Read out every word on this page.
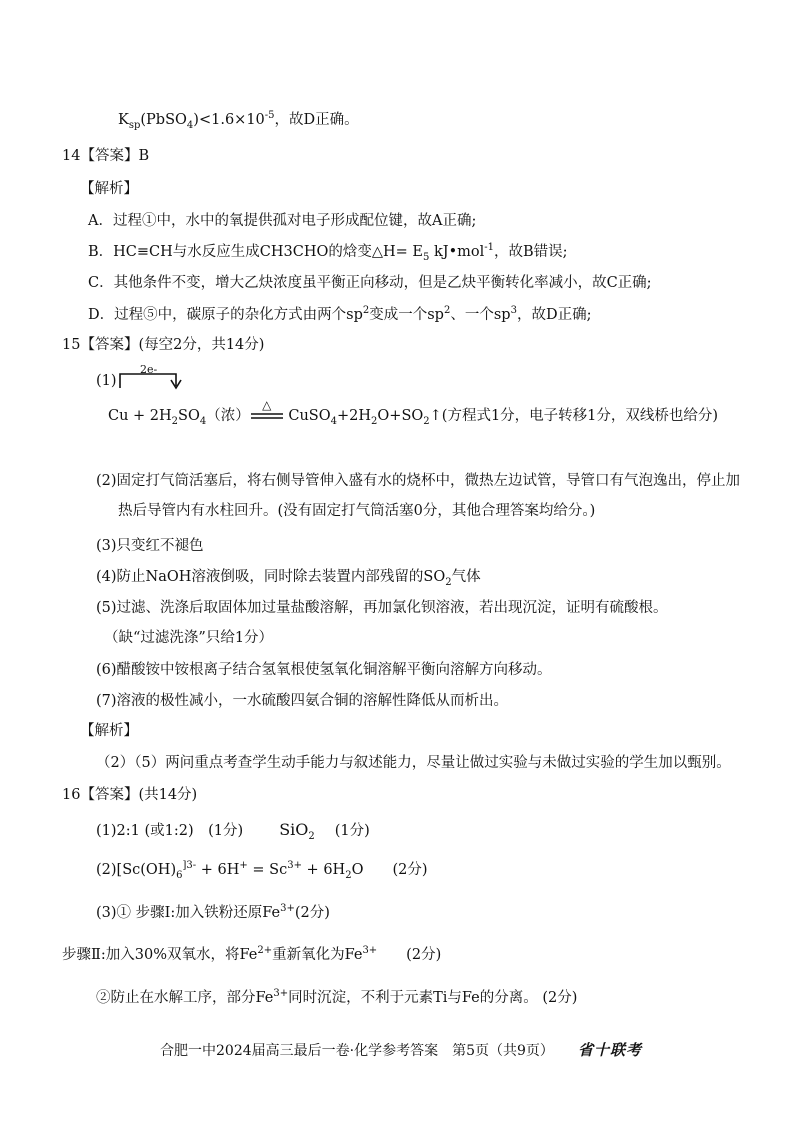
$K_{sp}(PbSO_4)<1.6\times 10^{-5}$，故D正确。
14【答案】B
【解析】
A．过程①中，水中的氧提供孤对电子形成配位键，故A正确;
B．HC≡CH与水反应生成CH3CHO的焓变△H= $E_5$ kJ•mol$^{-1}$，故B错误;
C．其他条件不变，增大乙炔浓度虽平衡正向移动，但是乙炔平衡转化率减小，故C正确;
D．过程⑤中，碳原子的杂化方式由两个$sp^2$变成一个$sp^2$、一个$sp^3$，故D正确;
15【答案】(每空2分，共14分)
(1)
2e-
$Cu + 2H_2SO_4$（浓）
△
$CuSO_4+2H_2O+SO_2↑$(方程式1分，电子转移1分，双线桥也给分)
(2)固定打气筒活塞后，将右侧导管伸入盛有水的烧杯中，微热左边试管，导管口有气泡逸出，停止加
热后导管内有水柱回升。(没有固定打气筒活塞0分，其他合理答案均给分。)
(3)只变红不褪色
(4)防止NaOH溶液倒吸，同时除去装置内部残留的$SO_2$气体
(5)过滤、洗涤后取固体加过量盐酸溶解，再加氯化钡溶液，若出现沉淀，证明有硫酸根。
（缺“过滤洗涤”只给1分）
(6)醋酸铵中铵根离子结合氢氧根使氢氧化铜溶解平衡向溶解方向移动。
(7)溶液的极性减小，一水硫酸四氨合铜的溶解性降低从而析出。
【解析】
（2）（5）两问重点考查学生动手能力与叙述能力，尽量让做过实验与未做过实验的学生加以甄别。
16【答案】(共14分)
(1)2:1 (或1:2)　(1分) SiO$_2$ (1分)
$(2)[Sc(OH)_6^{]3-} + 6H^+ = Sc^{3+} + 6H_2O$　　(2分)
(3)① 步骤Ⅰ:加入铁粉还原$Fe^{3+}(2$分)
步骤Ⅱ:加入30%双氧水，将$Fe^{2+}$重新氧化为$Fe^{3+}$　　(2分)
②防止在水解工序，部分$Fe^{3+}$同时沉淀，不利于元素Ti与Fe的分离。 (2分)
合肥一中2024届高三最后一卷·化学参考答案　第5页（共9页） 省十联考
